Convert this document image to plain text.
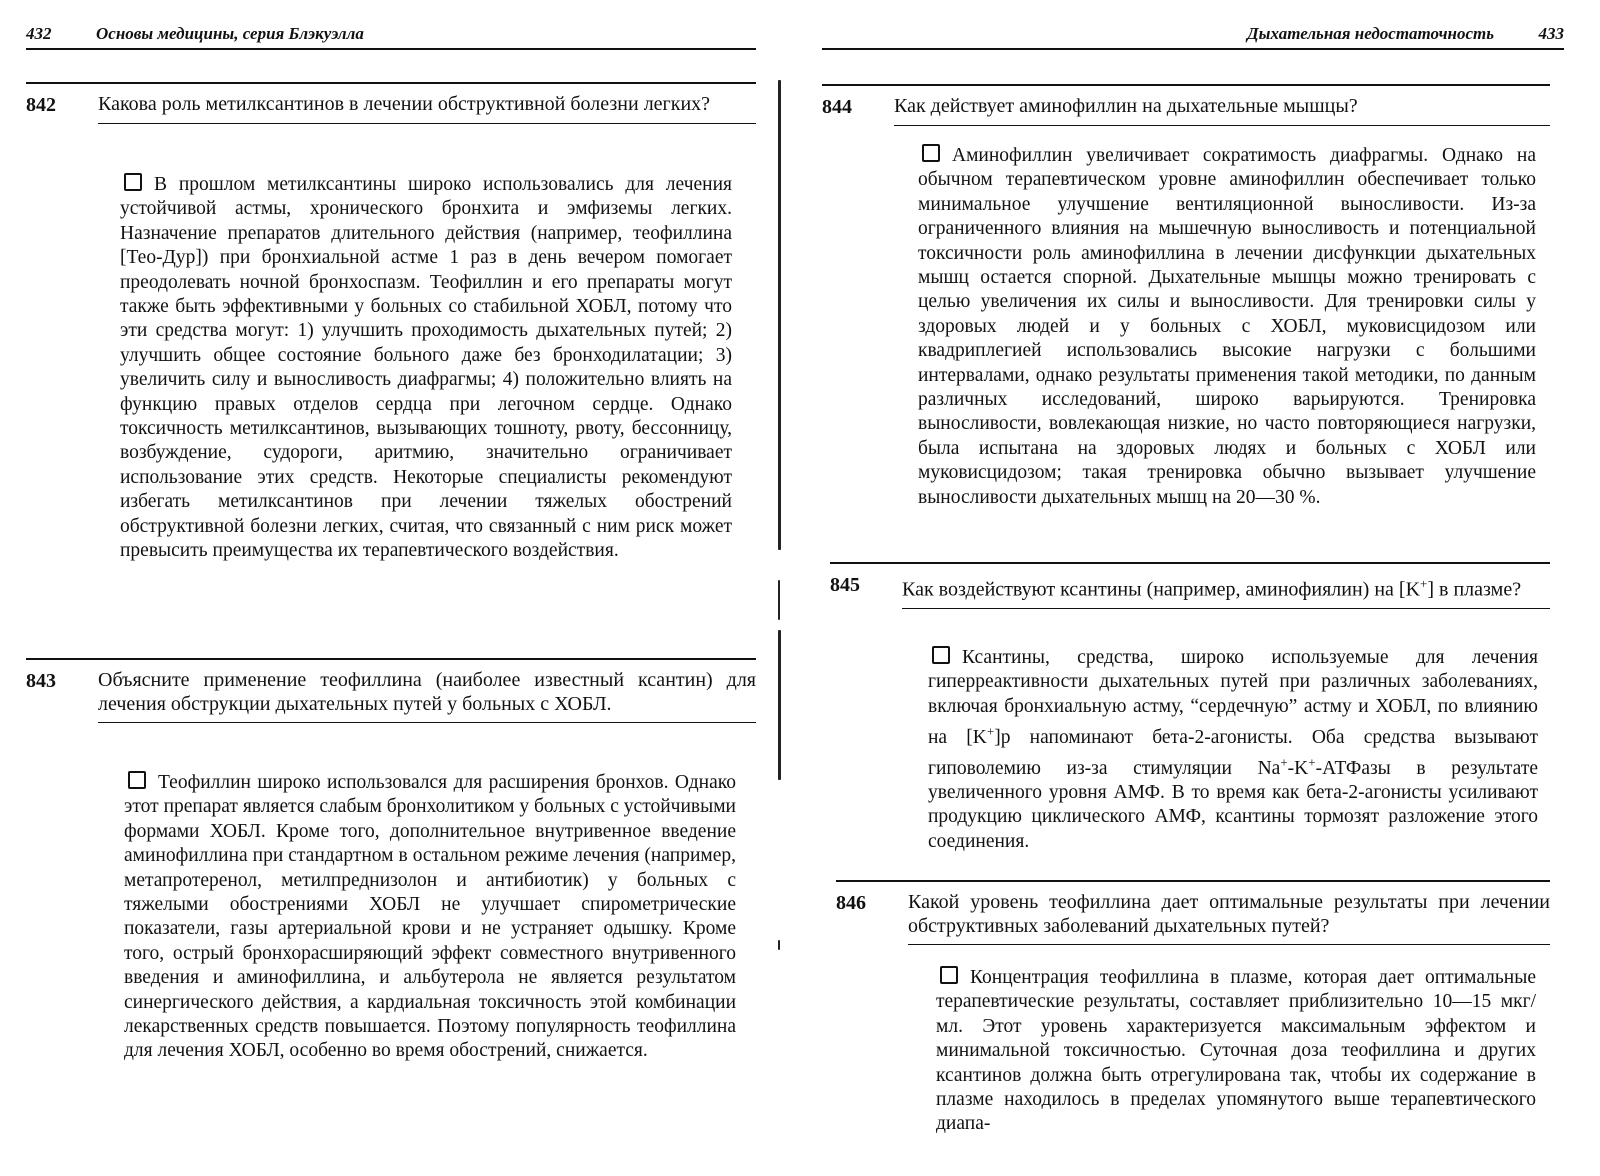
432	Основы медицины, серия Блэкуэлла
842	Какова роль метилксантинов в лечении обструктивной болезни легких?
В прошлом метилксантины широко использовались для лечения устойчивой астмы, хронического бронхита и эмфиземы легких. Назначение препаратов длительного действия (например, теофиллина [Тео-Дур]) при бронхиальной астме 1 раз в день вечером помогает преодолевать ночной бронхоспазм. Теофиллин и его препараты могут также быть эффективными у больных со стабильной ХОБЛ, потому что эти средства могут: 1) улучшить проходимость дыхательных путей; 2) улучшить общее состояние больного даже без бронходилатации; 3) увеличить силу и выносливость диафрагмы; 4) положительно влиять на функцию правых отделов сердца при легочном сердце. Однако токсичность метилксантинов, вызывающих тошноту, рвоту, бессонницу, возбуждение, судороги, аритмию, значительно ограничивает использование этих средств. Некоторые специалисты рекомендуют избегать метилксантинов при лечении тяжелых обострений обструктивной болезни легких, считая, что связанный с ним риск может превысить преимущества их терапевтического воздействия.
843	Объясните применение теофиллина (наиболее известный ксантин) для лечения обструкции дыхательных путей у больных с ХОБЛ.
Теофиллин широко использовался для расширения бронхов. Однако этот препарат является слабым бронхолитиком у больных с устойчивыми формами ХОБЛ. Кроме того, дополнительное внутривенное введение аминофиллина при стандартном в остальном режиме лечения (например, метапротеренол, метилпреднизолон и антибиотик) у больных с тяжелыми обострениями ХОБЛ не улучшает спирометрические показатели, газы артериальной крови и не устраняет одышку. Кроме того, острый бронхорасширяющий эффект совместного внутривенного введения и аминофиллина, и альбутерола не является результатом синергического действия, а кардиальная токсичность этой комбинации лекарственных средств повышается. Поэтому популярность теофиллина для лечения ХОБЛ, особенно во время обострений, снижается.
Дыхательная недостаточность	433
844	Как действует аминофиллин на дыхательные мышцы?
Аминофиллин увеличивает сократимость диафрагмы. Однако на обычном терапевтическом уровне аминофиллин обеспечивает только минимальное улучшение вентиляционной выносливости. Из-за ограниченного влияния на мышечную выносливость и потенциальной токсичности роль аминофиллина в лечении дисфункции дыхательных мышц остается спорной. Дыхательные мышцы можно тренировать с целью увеличения их силы и выносливости. Для тренировки силы у здоровых людей и у больных с ХОБЛ, муковисцидозом или квадриплегией использовались высокие нагрузки с большими интервалами, однако результаты применения такой методики, по данным различных исследований, широко варьируются. Тренировка выносливости, вовлекающая низкие, но часто повторяющиеся нагрузки, была испытана на здоровых людях и больных с ХОБЛ или муковисцидозом; такая тренировка обычно вызывает улучшение выносливости дыхательных мышц на 20—30 %.
845	Как воздействуют ксантины (например, аминофиялин) на [K+] в плазме?
Ксантины, средства, широко используемые для лечения гиперреактивности дыхательных путей при различных заболеваниях, включая бронхиальную астму, “сердечную” астму и ХОБЛ, по влиянию на [K+]р напоминают бета-2-агонисты. Оба средства вызывают гиповолемию из-за стимуляции Na+-K+-АТФазы в результате увеличенного уровня АМФ. В то время как бета-2-агонисты усиливают продукцию циклического АМФ, ксантины тормозят разложение этого соединения.
846	Какой уровень теофиллина дает оптимальные результаты при лечении обструктивных заболеваний дыхательных путей?
Концентрация теофиллина в плазме, которая дает оптимальные терапевтические результаты, составляет приблизительно 10—15 мкг/мл. Этот уровень характеризуется максимальным эффектом и минимальной токсичностью. Суточная доза теофиллина и других ксантинов должна быть отрегулирована так, чтобы их содержание в плазме находилось в пределах упомянутого выше терапевтического диапа-
